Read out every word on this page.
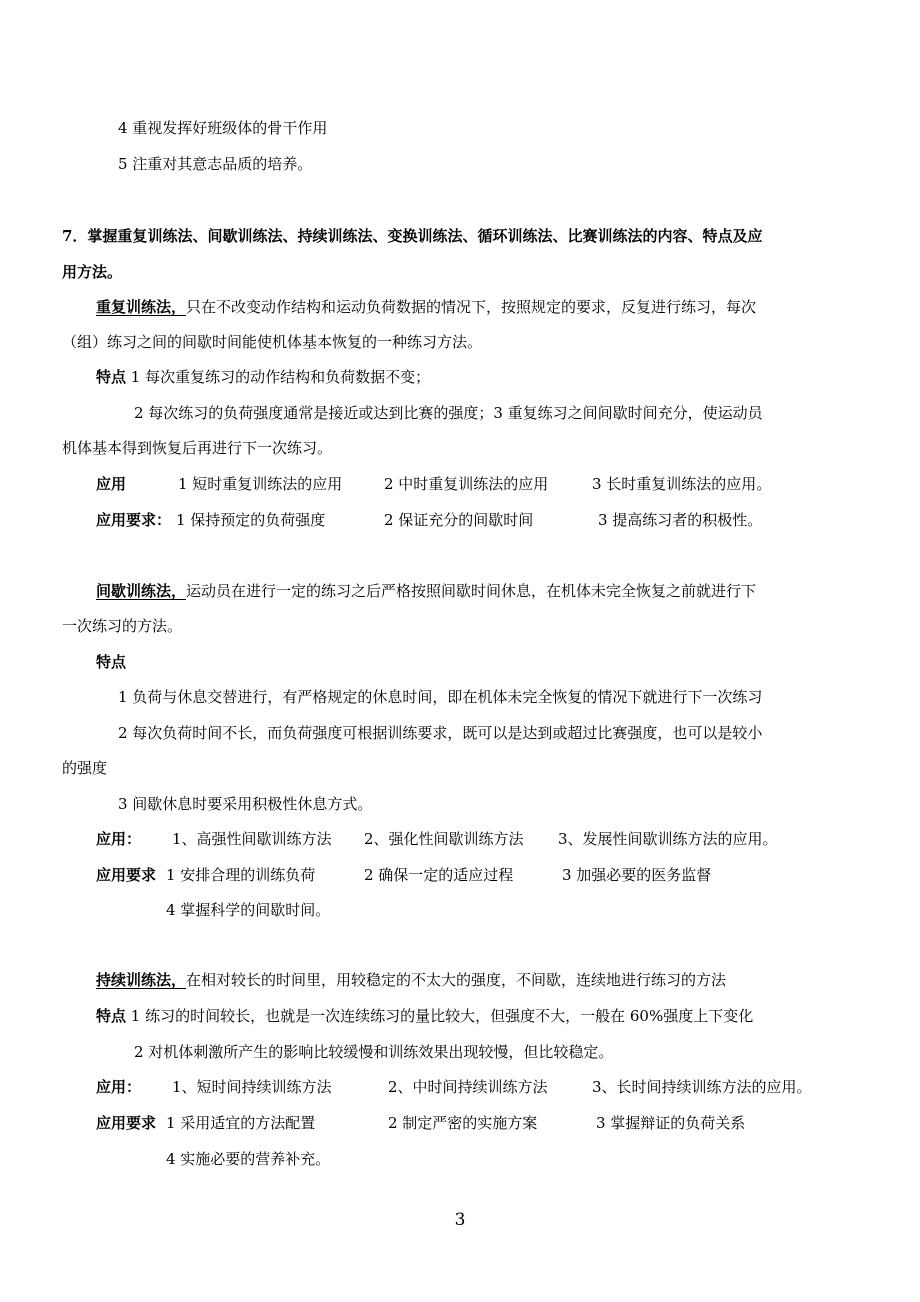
4 重视发挥好班级体的骨干作用
5 注重对其意志品质的培养。
7．掌握重复训练法、间歇训练法、持续训练法、变换训练法、循环训练法、比赛训练法的内容、特点及应
用方法。
重复训练法，只在不改变动作结构和运动负荷数据的情况下，按照规定的要求，反复进行练习，每次
（组）练习之间的间歇时间能使机体基本恢复的一种练习方法。
特点 1 每次重复练习的动作结构和负荷数据不变；
2 每次练习的负荷强度通常是接近或达到比赛的强度；3 重复练习之间间歇时间充分，使运动员
机体基本得到恢复后再进行下一次练习。
应用	1 短时重复训练法的应用	2 中时重复训练法的应用	3 长时重复训练法的应用。
应用要求： 1 保持预定的负荷强度	2 保证充分的间歇时间	3 提高练习者的积极性。
间歇训练法，运动员在进行一定的练习之后严格按照间歇时间休息，在机体未完全恢复之前就进行下
一次练习的方法。
特点
1 负荷与休息交替进行，有严格规定的休息时间，即在机体未完全恢复的情况下就进行下一次练习
2 每次负荷时间不长，而负荷强度可根据训练要求，既可以是达到或超过比赛强度，也可以是较小
的强度
3 间歇休息时要采用积极性休息方式。
应用： 1、高强性间歇训练方法 2、强化性间歇训练方法 3、发展性间歇训练方法的应用。
应用要求 1 安排合理的训练负荷	2 确保一定的适应过程	3 加强必要的医务监督
4 掌握科学的间歇时间。
持续训练法，在相对较长的时间里，用较稳定的不太大的强度，不间歇，连续地进行练习的方法
特点 1 练习的时间较长，也就是一次连续练习的量比较大，但强度不大，一般在 60%强度上下变化
2 对机体刺激所产生的影响比较缓慢和训练效果出现较慢，但比较稳定。
应用： 1、短时间持续训练方法	2、中时间持续训练方法	3、长时间持续训练方法的应用。
应用要求 1 采用适宜的方法配置	2 制定严密的实施方案	3 掌握辩证的负荷关系
4 实施必要的营养补充。
3
